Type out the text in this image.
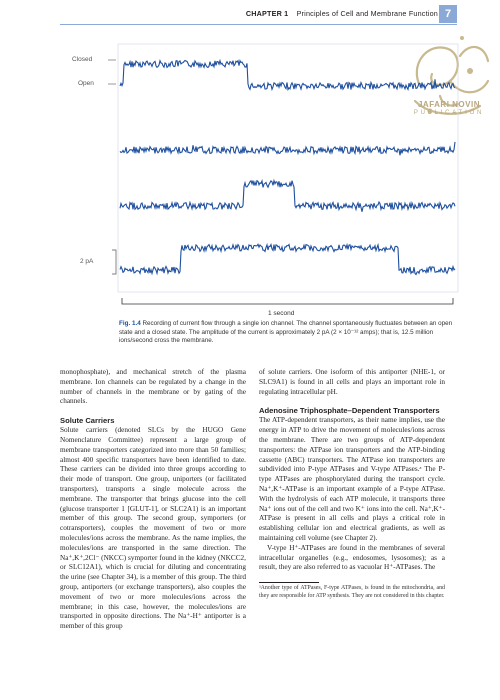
CHAPTER 1 Principles of Cell and Membrane Function 7
JAFARI NOVIN
PUBLICATION
Closed
Open
2 pA
1 second
Fig. 1.4 Recording of current flow through a single ion channel. The channel spontaneously fluctuates between an open state and a closed state. The amplitude of the current is approximately 2 pA (2 × 10⁻¹² amps); that is, 12.5 million ions/second cross the membrane.

monophosphate), and mechanical stretch of the plasma membrane. Ion channels can be regulated by a change in the number of channels in the membrane or by gating of the channels.

Solute Carriers

Solute carriers (denoted SLCs by the HUGO Gene Nomenclature Committee) represent a large group of membrane transporters categorized into more than 50 families; almost 400 specific transporters have been identified to date. These carriers can be divided into three groups according to their mode of transport. One group, uniporters (or facilitated transporters), transports a single molecule across the membrane. The transporter that brings glucose into the cell (glucose transporter 1 [GLUT-1], or SLC2A1) is an important member of this group. The second group, symporters (or cotransporters), couples the movement of two or more molecules/ions across the membrane. As the name implies, the molecules/ions are transported in the same direction. The Na⁺,K⁺,2Cl⁻ (NKCC) symporter found in the kidney (NKCC2, or SLC12A1), which is crucial for diluting and concentrating the urine (see Chapter 34), is a member of this group. The third group, antiporters (or exchange transporters), also couples the movement of two or more molecules/ions across the membrane; in this case, however, the molecules/ions are transported in opposite directions. The Na⁺-H⁺ antiporter is a member of this group

of solute carriers. One isoform of this antiporter (NHE-1, or SLC9A1) is found in all cells and plays an important role in regulating intracellular pH.

Adenosine Triphosphate–Dependent Transporters

The ATP-dependent transporters, as their name implies, use the energy in ATP to drive the movement of molecules/ions across the membrane. There are two groups of ATP-dependent transporters: the ATPase ion transporters and the ATP-binding cassette (ABC) transporters. The ATPase ion transporters are subdivided into P-type ATPases and V-type ATPases.ᵃ The P-type ATPases are phosphorylated during the transport cycle. Na⁺,K⁺-ATPase is an important example of a P-type ATPase. With the hydrolysis of each ATP molecule, it transports three Na⁺ ions out of the cell and two K⁺ ions into the cell. Na⁺,K⁺-ATPase is present in all cells and plays a critical role in establishing cellular ion and electrical gradients, as well as maintaining cell volume (see Chapter 2).

V-type H⁺-ATPases are found in the membranes of several intracellular organelles (e.g., endosomes, lysosomes); as a result, they are also referred to as vacuolar H⁺-ATPases. The

ᵃAnother type of ATPases, F-type ATPases, is found in the mitochondria, and they are responsible for ATP synthesis. They are not considered in this chapter.
